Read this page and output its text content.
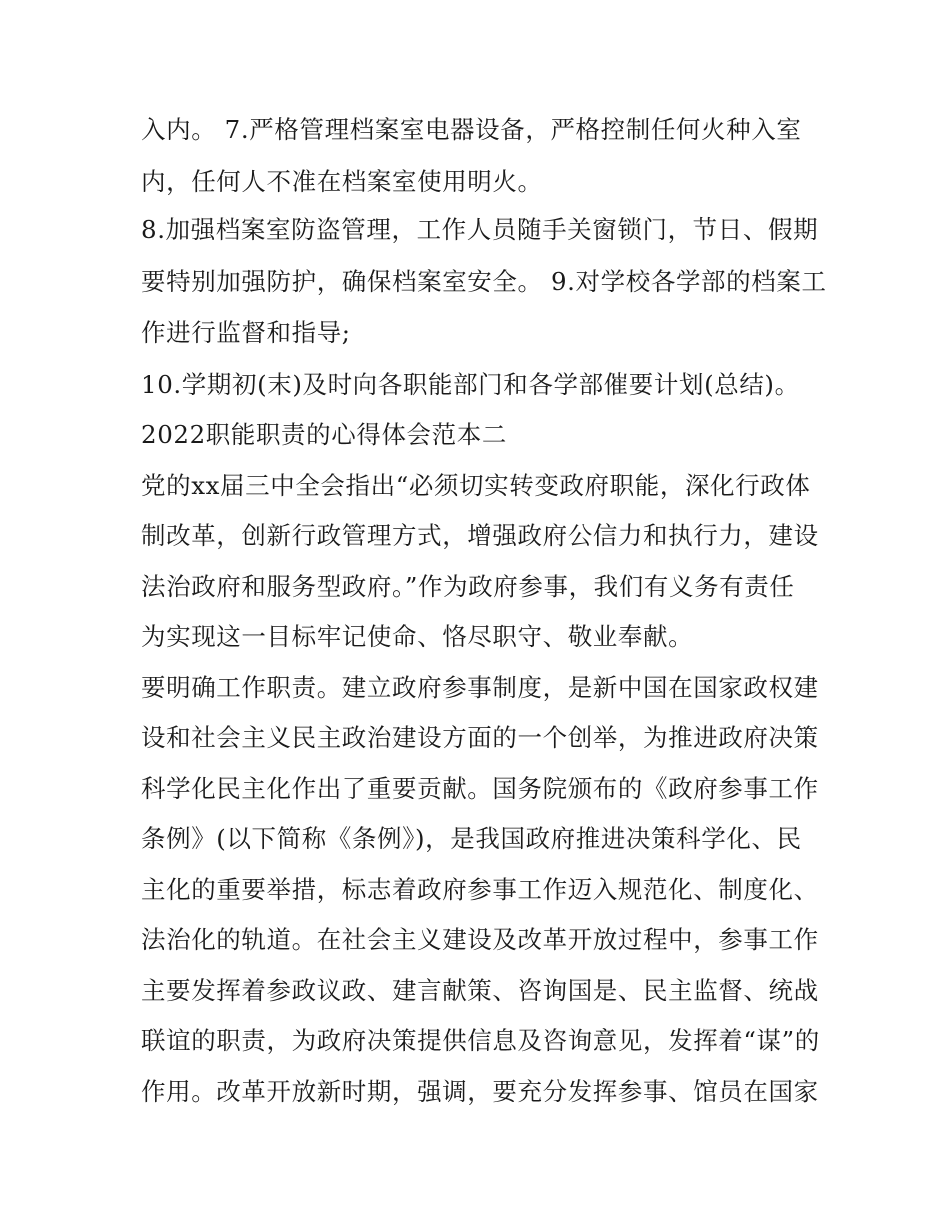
入内。 7.严格管理档案室电器设备，严格控制任何火种入室
内，任何人不准在档案室使用明火。
8.加强档案室防盗管理，工作人员随手关窗锁门，节日、假期
要特别加强防护，确保档案室安全。 9.对学校各学部的档案工
作进行监督和指导;
10.学期初(末)及时向各职能部门和各学部催要计划(总结)。
2022职能职责的心得体会范本二
党的xx届三中全会指出“必须切实转变政府职能，深化行政体
制改革，创新行政管理方式，增强政府公信力和执行力，建设
法治政府和服务型政府。”作为政府参事，我们有义务有责任
为实现这一目标牢记使命、恪尽职守、敬业奉献。
要明确工作职责。建立政府参事制度，是新中国在国家政权建
设和社会主义民主政治建设方面的一个创举，为推进政府决策
科学化民主化作出了重要贡献。国务院颁布的《政府参事工作
条例》(以下简称《条例》)，是我国政府推进决策科学化、民
主化的重要举措，标志着政府参事工作迈入规范化、制度化、
法治化的轨道。在社会主义建设及改革开放过程中，参事工作
主要发挥着参政议政、建言献策、咨询国是、民主监督、统战
联谊的职责，为政府决策提供信息及咨询意见，发挥着“谋”的
作用。改革开放新时期，强调，要充分发挥参事、馆员在国家
